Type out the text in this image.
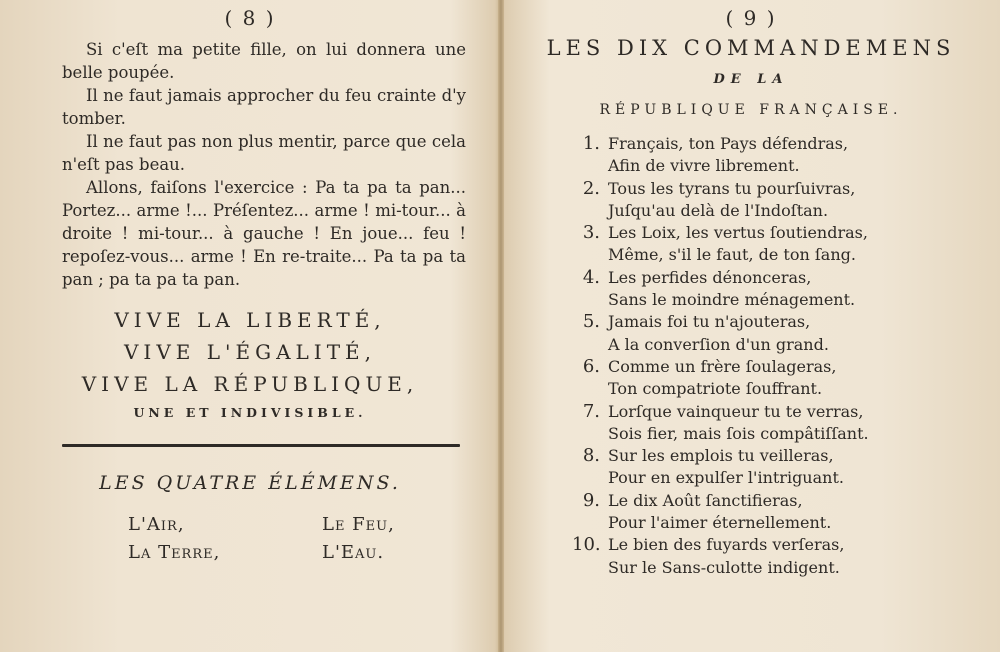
( 8 )

Si c'eſt ma petite fille, on lui donnera une belle poupée.

Il ne faut jamais approcher du feu crainte d'y tomber.

Il ne faut pas non plus mentir, parce que cela n'eſt pas beau.

Allons, faiſons l'exercice : Pa ta pa ta pan... Portez... arme !... Préſentez... arme ! mi-tour... à droite ! mi-tour... à gauche ! En joue... feu ! repoſez-vous... arme ! En re-traite... Pa ta pa ta pan ; pa ta pa ta pan.

VIVE LA LIBERTÉ,
VIVE L'ÉGALITÉ,
VIVE LA RÉPUBLIQUE,
UNE ET INDIVISIBLE.
LES QUATRE ÉLÉMENS.
L'Air,	Le Feu,
La Terre,	L'Eau.
( 9 )
LES DIX COMMANDEMENS
DE LA
RÉPUBLIQUE FRANÇAISE.
1. Français, ton Pays défendras,
Afin de vivre librement.
2. Tous les tyrans tu pourſuivras,
Juſqu'au delà de l'Indoſtan.
3. Les Loix, les vertus ſoutiendras,
Même, s'il le faut, de ton ſang.
4. Les perfides dénonceras,
Sans le moindre ménagement.
5. Jamais foi tu n'ajouteras,
A la converſion d'un grand.
6. Comme un frère ſoulageras,
Ton compatriote ſouffrant.
7. Lorſque vainqueur tu te verras,
Sois fier, mais ſois compâtiſſant.
8. Sur les emplois tu veilleras,
Pour en expulſer l'intriguant.
9. Le dix Août ſanctifieras,
Pour l'aimer éternellement.
10. Le bien des fuyards verſeras,
Sur le Sans-culotte indigent.
